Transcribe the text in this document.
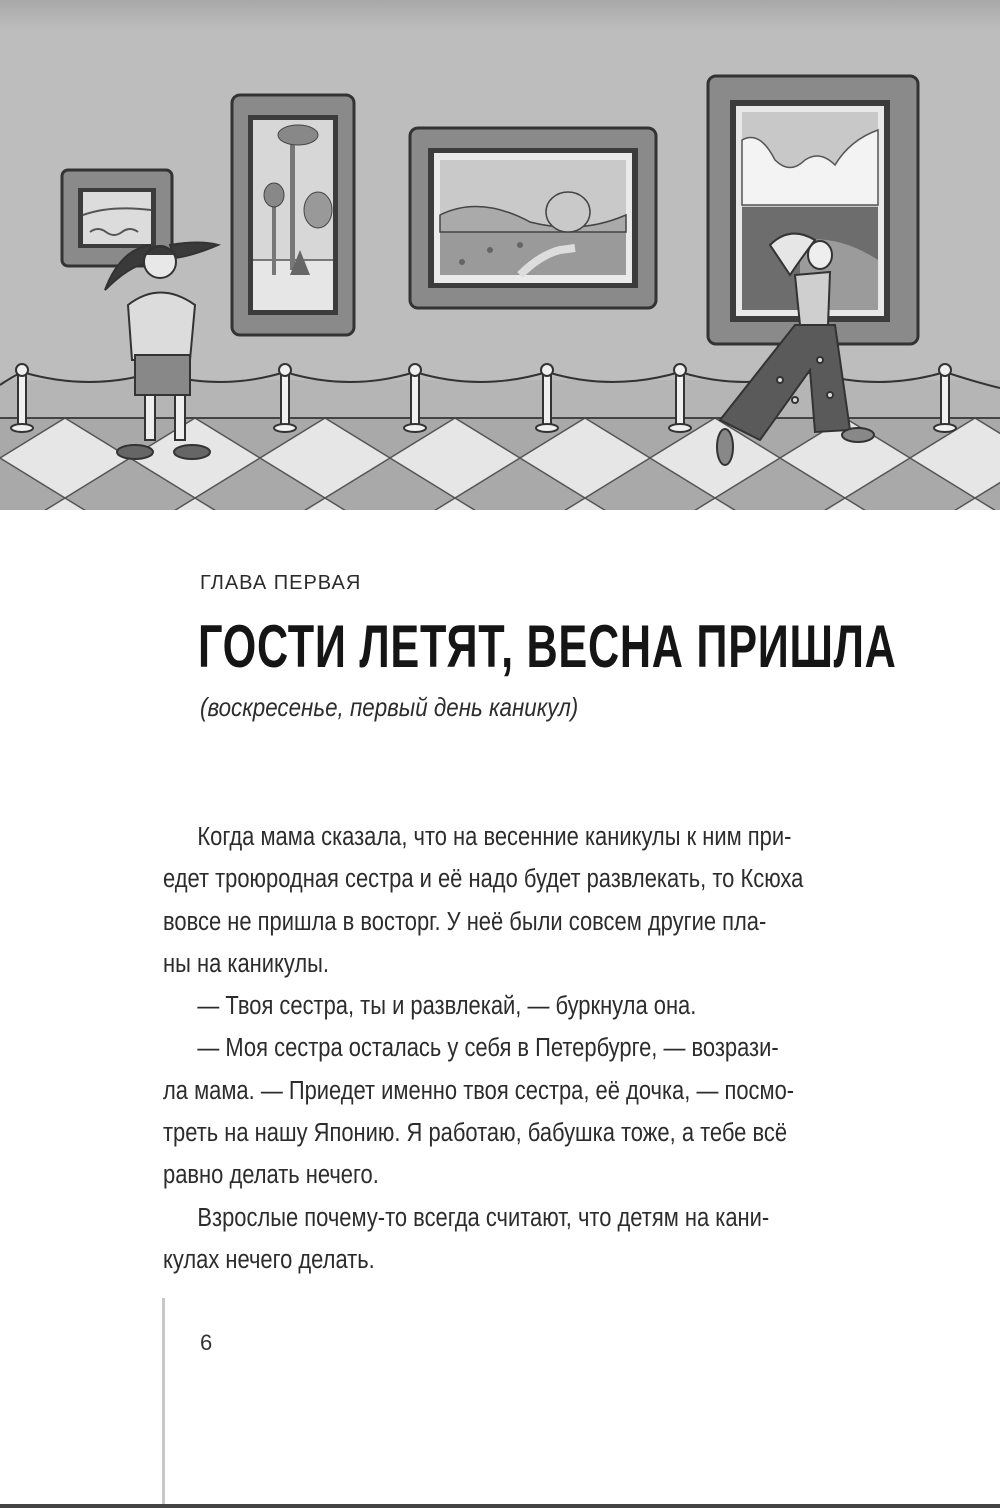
ГЛАВА ПЕРВАЯ
ГОСТИ ЛЕТЯТ, ВЕСНА ПРИШЛА
(воскресенье, первый день каникул)
Когда мама сказала, что на весенние каникулы к ним при-
едет троюродная сестра и её надо будет развлекать, то Ксюха
вовсе не пришла в восторг. У неё были совсем другие пла-
ны на каникулы.
— Твоя сестра, ты и развлекай, — буркнула она.
— Моя сестра осталась у себя в Петербурге, — возрази-
ла мама. — Приедет именно твоя сестра, её дочка, — посмо-
треть на нашу Японию. Я работаю, бабушка тоже, а тебе всё
равно делать нечего.
Взрослые почему-то всегда считают, что детям на кани-
кулах нечего делать.
6
